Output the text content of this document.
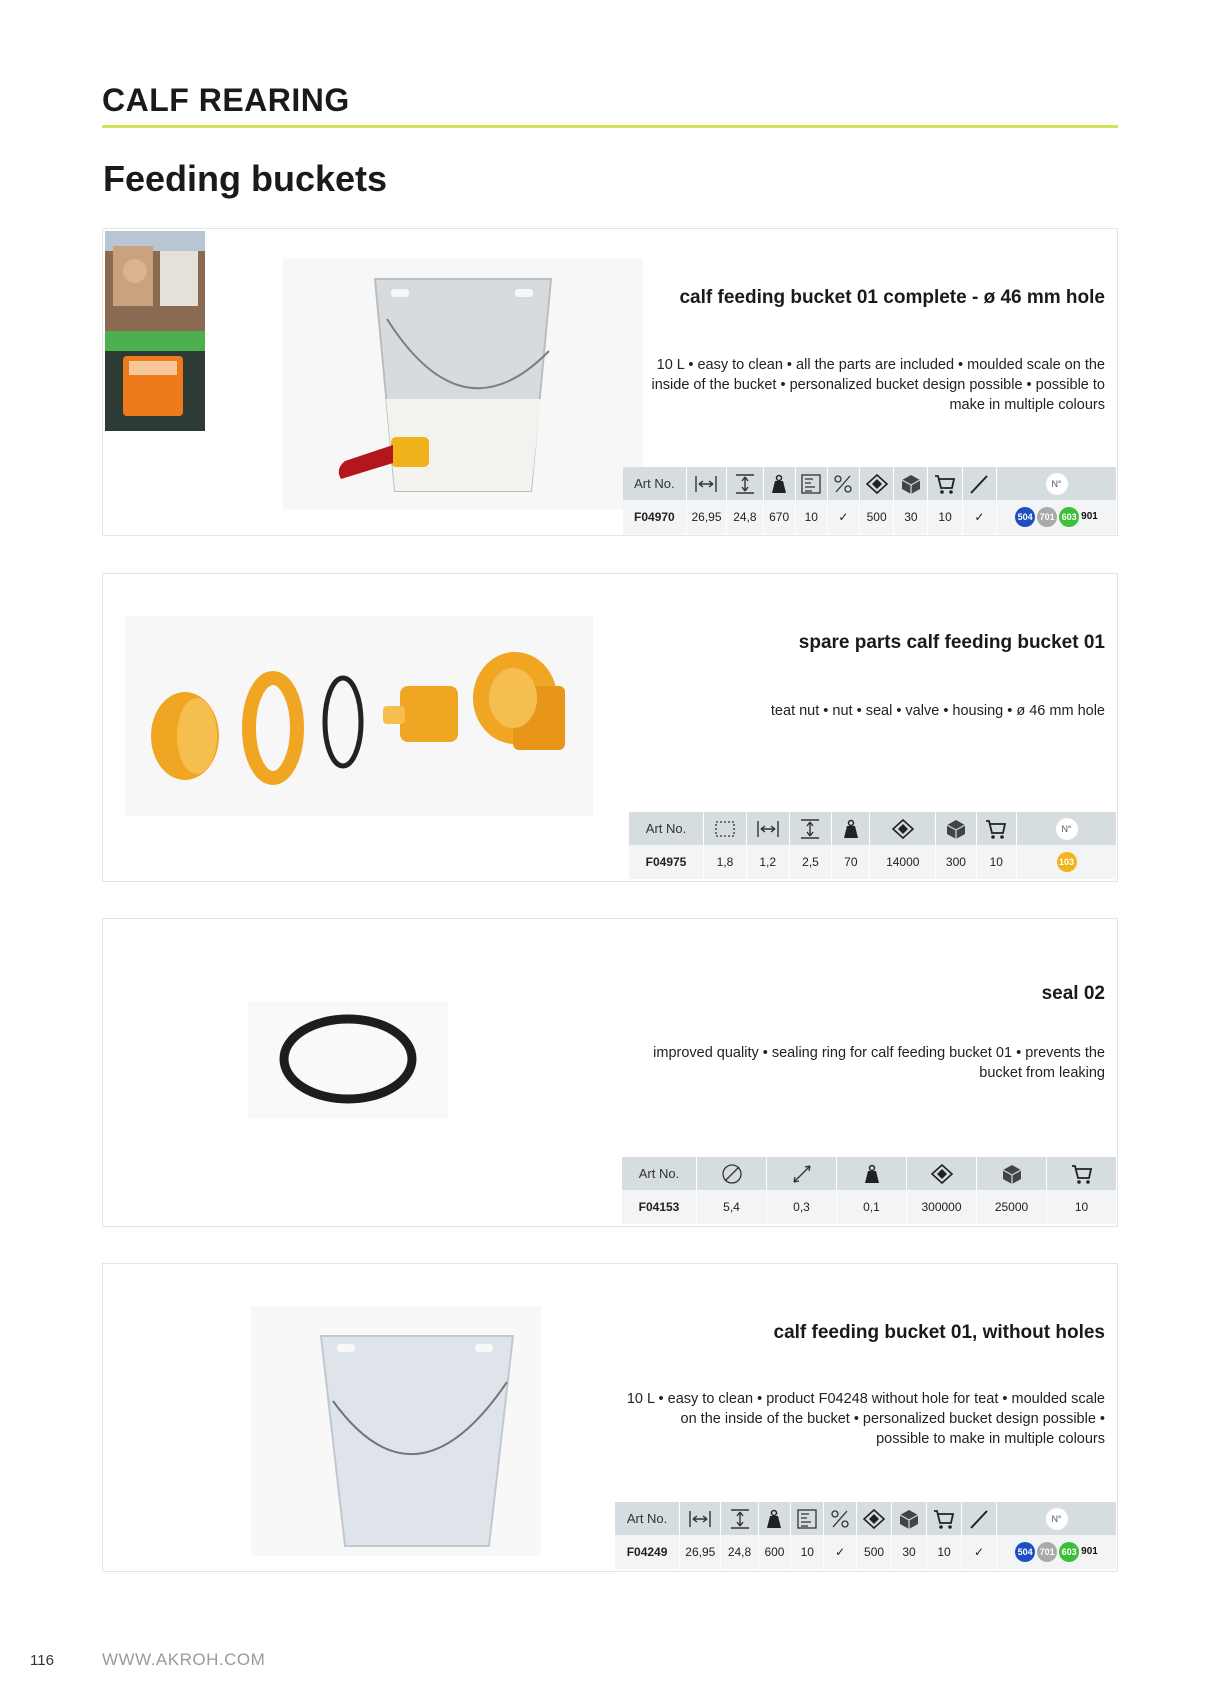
CALF REARING
Feeding buckets
calf feeding bucket 01 complete - ø 46 mm hole
10 L • easy to clean • all the parts are included • moulded scale on the inside of the bucket • personalized bucket design possible • possible to make in multiple colours
Art No.										N°
F04970	26,95	24,8	670	10	✓	500	30	10	✓	504 701 603 901
spare parts calf feeding bucket 01
teat nut • nut • seal • valve • housing • ø 46 mm hole
Art No.								N°
F04975	1,8	1,2	2,5	70	14000	300	10	103
seal 02
improved quality • sealing ring for calf feeding bucket 01 • prevents the bucket from leaking
Art No.	

F04153	5,4	0,3	0,1	300000	25000	10
calf feeding bucket 01, without holes
10 L • easy to clean • product F04248 without hole for teat • moulded scale on the inside of the bucket • personalized bucket design possible • possible to make in multiple colours
Art No.										N°
F04249	26,95	24,8	600	10	✓	500	30	10	✓	504 701 603 901
116	WWW.AKROH.COM
